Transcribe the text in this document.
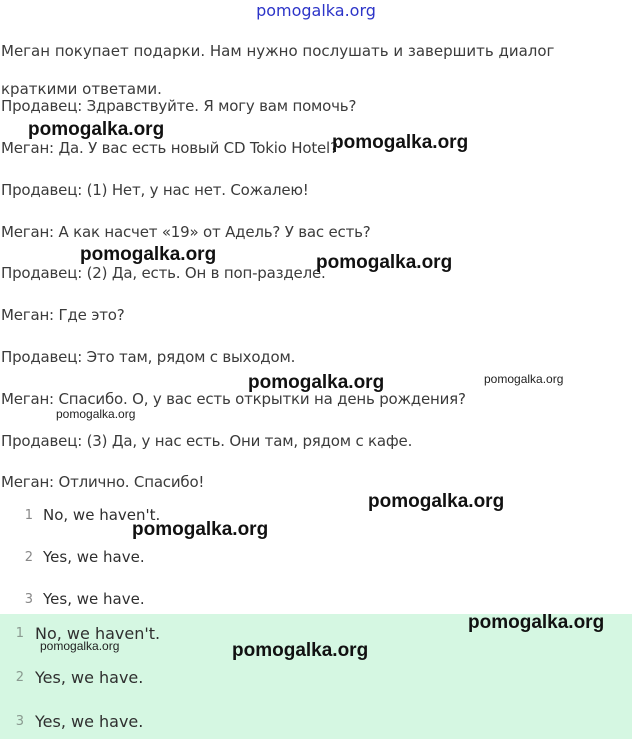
pomogalka.org
Меган покупает подарки. Нам нужно послушать и завершить диалог краткими ответами.
Продавец: Здравствуйте. Я могу вам помочь?
Меган: Да. У вас есть новый CD Tokio Hotel?
Продавец: (1) Нет, у нас нет. Сожалею!
Меган: А как насчет «19» от Адель? У вас есть?
Продавец: (2) Да, есть. Он в поп-разделе.
Меган: Где это?
Продавец: Это там, рядом с выходом.
Меган: Спасибо. О, у вас есть открытки на день рождения?
Продавец: (3) Да, у нас есть. Они там, рядом с кафе.
Меган: Отлично. Спасибо!
1 No, we haven't.
2 Yes, we have.
3 Yes, we have.
1 No, we haven't.
2 Yes, we have.
3 Yes, we have.
pomogalka.org
pomogalka.org
pomogalka.org	pomogalka.org
pomogalka.org	pomogalka.org
pomogalka.org
pomogalka.org
pomogalka.org
pomogalka.org
pomogalka.org	pomogalka.org
